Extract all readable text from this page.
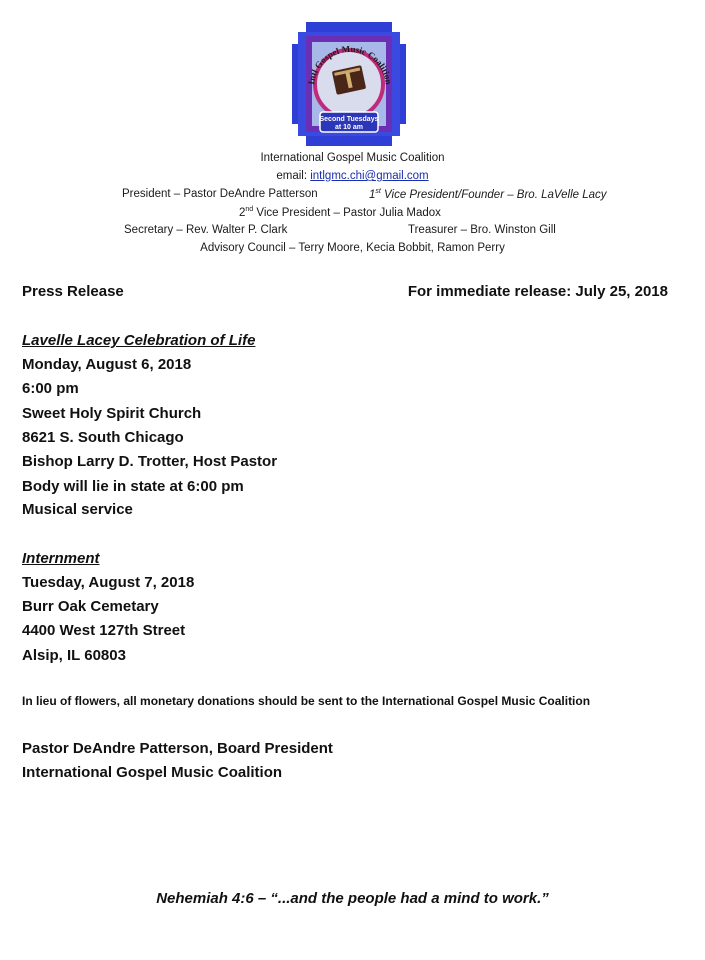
Intl Gospel Music Coalition
Second Tuesdays
at 10 am
International Gospel Music Coalition
email: intlgmc.chi@gmail.com
President – Pastor DeAndre Patterson	1st Vice President/Founder – Bro. LaVelle Lacy
2nd Vice President – Pastor Julia Madox
Secretary – Rev. Walter P. Clark	Treasurer – Bro. Winston Gill
Advisory Council – Terry Moore, Kecia Bobbit, Ramon Perry
Press Release	For immediate release: July 25, 2018
Lavelle Lacey Celebration of Life
Monday, August 6, 2018
6:00 pm
Sweet Holy Spirit Church
8621 S. South Chicago
Bishop Larry D. Trotter, Host Pastor
Body will lie in state at 6:00 pm
Musical service
Internment
Tuesday, August 7, 2018
Burr Oak Cemetary
4400 West 127th Street
Alsip, IL 60803
In lieu of flowers, all monetary donations should be sent to the International Gospel Music Coalition
Pastor DeAndre Patterson, Board President
International Gospel Music Coalition
Nehemiah 4:6 – “...and the people had a mind to work.”
